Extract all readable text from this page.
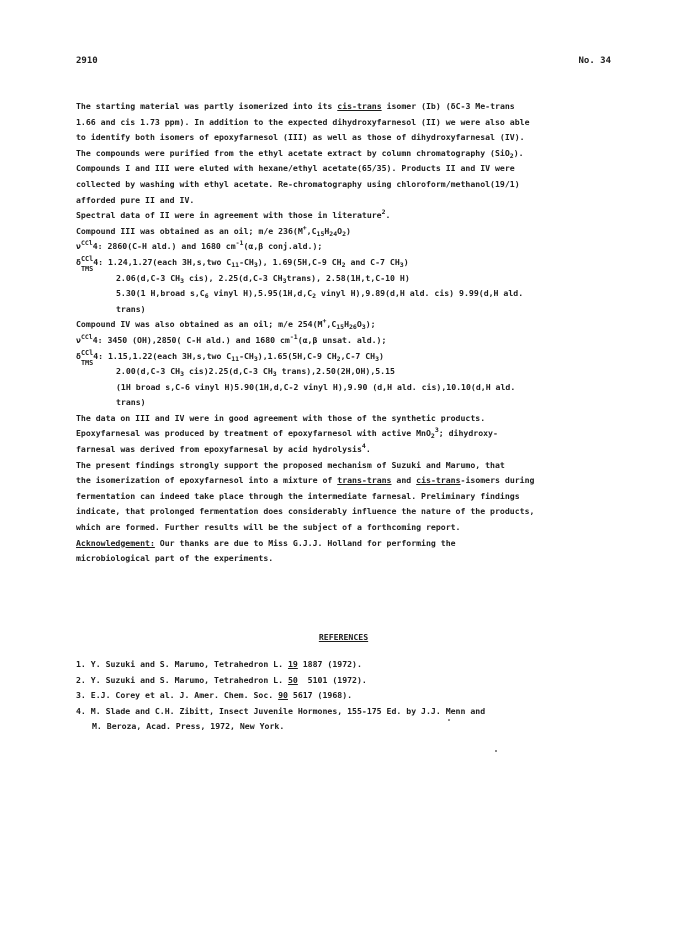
2910	No. 34
The starting material was partly isomerized into its cis-trans isomer (Ib) (δC-3 Me-trans
1.66 and cis 1.73 ppm). In addition to the expected dihydroxyfarnesol (II) we were also able
to identify both isomers of epoxyfarnesol (III) as well as those of dihydroxyfarnesal (IV).
The compounds were purified from the ethyl acetate extract by column chromatography (SiO$_2$).
Compounds I and III were eluted with hexane/ethyl acetate(65/35). Products II and IV were
collected by washing with ethyl acetate. Re-chromatography using chloroform/methanol(19/1)
afforded pure II and IV.
Spectral data of II were in agreement with those in literature$^2$.
Compound III was obtained as an oil; m/e $236(M^+,C_{15}H_{24}O_2)$
$\nu^{CCl}4$: 2860(C-H ald.) and 1680 $cm^{-1}(\alpha,\beta$ conj.ald.);
δ CCl
$_{TMS}$4: 1.24,1.27(each 3H,s,two $C_{11}-CH_3$), 1.69(5H,C-9 $CH_2$ and C-7 $CH_3$)
2.06(d,C-3 $CH_3$ cis), 2.25(d,C-3 $CH_3trans$), 2.58(1H,t,C-10 H)
5.30(1 H,broad $s,C_6$ vinyl $H),5.95(1H,d,C_2$ vinyl H),9.89(d,H ald. cis) 9.99(d,H ald.
trans)
Compound IV was also obtained as an oil; m/e $254(M^+,C_{15}H_{26}O_3)$;
$\nu^{CCl}4$: 3450 (OH),2850( C-H ald.) and 1680 $cm^{-1}(\alpha,\beta$ unsat. ald.);
δ CCl
$_{TMS}$4: 1.15,1.22(each 3H,s,two $C_{11}-CH_3),1.65(5H,C-9$ $CH_2,C-7$ $CH_3$)
2.00(d,C-3 $CH_3$ cis)2.25(d,C-3 $CH_3$ trans),2.50(2H,OH),5.15
(1H broad s,C-6 vinyl H)5.90(1H,d,C-2 vinyl H),9.90 (d,H ald. cis),10.10(d,H ald.
trans)
The data on III and IV were in good agreement with those of the synthetic products.
Epoxyfarnesal was produced by treatment of epoxyfarnesol with active MnO$_2^3$; dihydroxy-
farnesal was derived from epoxyfarnesal by acid hydrolysis$^4$.
The present findings strongly support the proposed mechanism of Suzuki and Marumo, that
the isomerization of epoxyfarnesol into a mixture of trans-trans and cis-trans-isomers during
fermentation can indeed take place through the intermediate farnesal. Preliminary findings
indicate, that prolonged fermentation does considerably influence the nature of the products,
which are formed. Further results will be the subject of a forthcoming report.
Acknowledgement: Our thanks are due to Miss G.J.J. Holland for performing the
microbiological part of the experiments.
REFERENCES
1. Y. Suzuki and S. Marumo, Tetrahedron L. 19 1887 (1972).
2. Y. Suzuki and S. Marumo, Tetrahedron L. 50  5101 (1972).
3. E.J. Corey et al. J. Amer. Chem. Soc. 90 5617 (1968).
4. M. Slade and C.H. Zibitt, Insect Juvenile Hormones, 155-175 Ed. by J.J. Menn and
M. Beroza, Acad. Press, 1972, New York.
